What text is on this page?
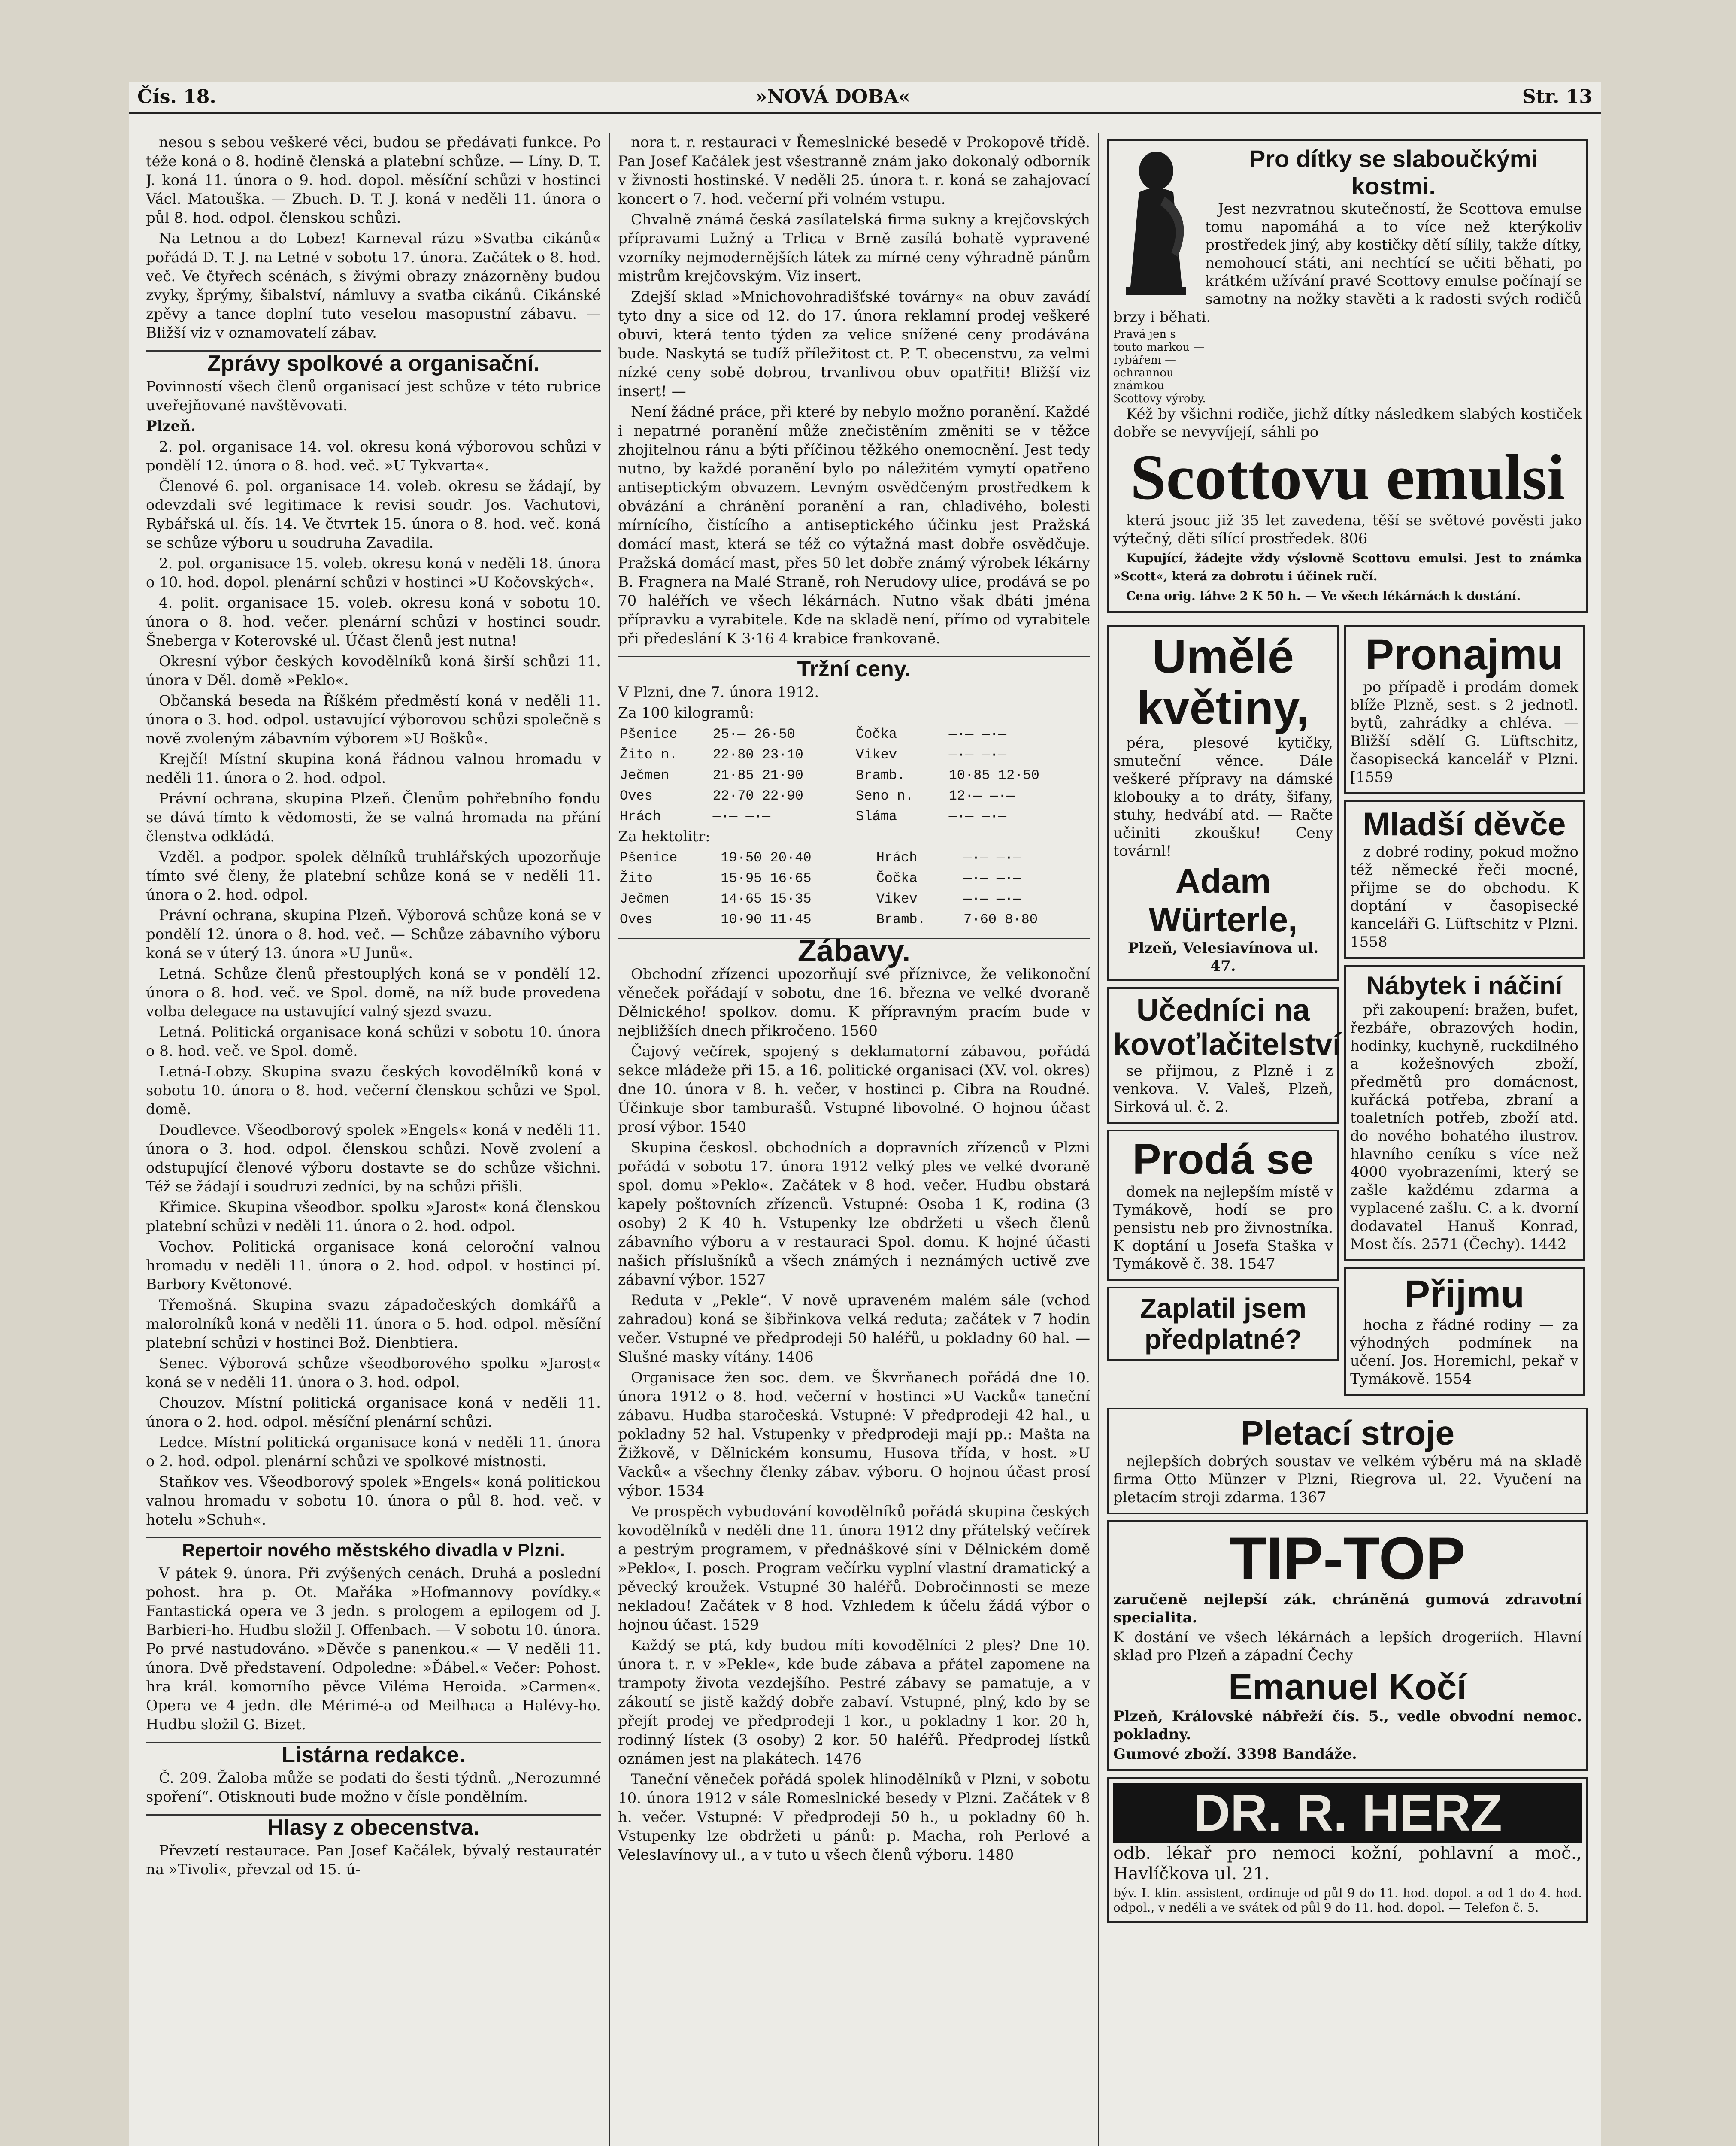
Čís. 18.	»NOVÁ DOBA«	Str. 13

nesou s sebou veškeré věci, budou se předávati funkce. Po téže koná o 8. hodině členská a platební schůze. — Líny. D. T. J. koná 11. února o 9. hod. dopol. měsíční schůzi v hostinci Václ. Matouška. — Zbuch. D. T. J. koná v neděli 11. února o půl 8. hod. odpol. členskou schůzi.

Na Letnou a do Lobez! Karneval rázu »Svatba cikánů« pořádá D. T. J. na Letné v sobotu 17. února. Začátek o 8. hod. več. Ve čtyřech scénách, s živými obrazy znázorněny budou zvyky, šprýmy, šibalství, námluvy a svatba cikánů. Cikánské zpěvy a tance doplní tuto veselou masopustní zábavu. — Bližší viz v oznamovatelí zábav.

Zprávy spolkové a organisační.

Povinností všech členů organisací jest schůze v této rubrice uveřejňované navštěvovati.

Plzeň.

2. pol. organisace 14. vol. okresu koná výborovou schůzi v pondělí 12. února o 8. hod. več. »U Tykvarta«.

Členové 6. pol. organisace 14. voleb. okresu se žádají, by odevzdali své legitimace k revisi soudr. Jos. Vachutovi, Rybářská ul. čís. 14. Ve čtvrtek 15. února o 8. hod. več. koná se schůze výboru u soudruha Zavadila.

2. pol. organisace 15. voleb. okresu koná v neděli 18. února o 10. hod. dopol. plenární schůzi v hostinci »U Kočovských«.

4. polit. organisace 15. voleb. okresu koná v sobotu 10. února o 8. hod. večer. plenární schůzi v hostinci soudr. Šneberga v Koterovské ul. Účast členů jest nutna!

Okresní výbor českých kovodělníků koná širší schůzi 11. února v Děl. domě »Peklo«.

Občanská beseda na Říškém předměstí koná v neděli 11. února o 3. hod. odpol. ustavující výborovou schůzi společně s nově zvoleným zábavním výborem »U Bošků«.

Krejčí! Místní skupina koná řádnou valnou hromadu v neděli 11. února o 2. hod. odpol.

Právní ochrana, skupina Plzeň. Členům pohřebního fondu se dává tímto k vědomosti, že se valná hromada na přání členstva odkládá.

Vzděl. a podpor. spolek dělníků truhlářských upozorňuje tímto své členy, že platební schůze koná se v neděli 11. února o 2. hod. odpol.

Právní ochrana, skupina Plzeň. Výborová schůze koná se v pondělí 12. února o 8. hod. več. — Schůze zábavního výboru koná se v úterý 13. února »U Junů«.

Letná. Schůze členů přestouplých koná se v pondělí 12. února o 8. hod. več. ve Spol. domě, na níž bude provedena volba delegace na ustavující valný sjezd svazu.

Letná. Politická organisace koná schůzi v sobotu 10. února o 8. hod. več. ve Spol. domě.

Letná-Lobzy. Skupina svazu českých kovodělníků koná v sobotu 10. února o 8. hod. večerní členskou schůzi ve Spol. domě.

Doudlevce. Všeodborový spolek »Engels« koná v neděli 11. února o 3. hod. odpol. členskou schůzi. Nově zvolení a odstupující členové výboru dostavte se do schůze všichni. Též se žádají i soudruzi zedníci, by na schůzi přišli.

Křimice. Skupina všeodbor. spolku »Jarost« koná členskou platební schůzi v neděli 11. února o 2. hod. odpol.

Vochov. Politická organisace koná celoroční valnou hromadu v neděli 11. února o 2. hod. odpol. v hostinci pí. Barbory Květonové.

Třemošná. Skupina svazu západočeských domkářů a malorolníků koná v neděli 11. února o 5. hod. odpol. měsíční platební schůzi v hostinci Bož. Dienbtiera.

Senec. Výborová schůze všeodborového spolku »Jarost« koná se v neděli 11. února o 3. hod. odpol.

Chouzov. Místní politická organisace koná v neděli 11. února o 2. hod. odpol. měsíční plenární schůzi.

Ledce. Místní politická organisace koná v neděli 11. února o 2. hod. odpol. plenární schůzi ve spolkové místnosti.

Staňkov ves. Všeodborový spolek »Engels« koná politickou valnou hromadu v sobotu 10. února o půl 8. hod. več. v hotelu »Schuh«.

Repertoir nového městského divadla v Plzni.

V pátek 9. února. Při zvýšených cenách. Druhá a poslední pohost. hra p. Ot. Mařáka »Hofmannovy povídky.« Fantastická opera ve 3 jedn. s prologem a epilogem od J. Barbieri-ho. Hudbu složil J. Offenbach. — V sobotu 10. února. Po prvé nastudováno. »Děvče s panenkou.« — V neděli 11. února. Dvě představení. Odpoledne: »Ďábel.« Večer: Pohost. hra král. komorního pěvce Viléma Heroida. »Carmen«. Opera ve 4 jedn. dle Mérimé-a od Meilhaca a Halévy-ho. Hudbu složil G. Bizet.

Listárna redakce.

Č. 209. Žaloba může se podati do šesti týdnů. „Nerozumné spoření“. Otisknouti bude možno v čísle pondělním.

Hlasy z obecenstva.

Převzetí restaurace. Pan Josef Kačálek, bývalý restauratér na »Tivoli«, převzal od 15. ú-

nora t. r. restauraci v Řemeslnické besedě v Prokopově třídě. Pan Josef Kačálek jest všestranně znám jako dokonalý odborník v živnosti hostinské. V neděli 25. února t. r. koná se zahajovací koncert o 7. hod. večerní při volném vstupu.

Chvalně známá česká zasílatelská firma sukny a krejčovských přípravami Lužný a Trlica v Brně zasílá bohatě vypravené vzorníky nejmodernějších látek za mírné ceny výhradně pánům mistrům krejčovským. Viz insert.

Zdejší sklad »Mnichovohradišťské továrny« na obuv zavádí tyto dny a sice od 12. do 17. února reklamní prodej veškeré obuvi, která tento týden za velice snížené ceny prodávána bude. Naskytá se tudíž příležitost ct. P. T. obecenstvu, za velmi nízké ceny sobě dobrou, trvanlivou obuv opatřiti! Bližší viz insert! —

Není žádné práce, při které by nebylo možno poranění. Každé i nepatrné poranění může znečistěním změniti se v těžce zhojitelnou ránu a býti příčinou těžkého onemocnění. Jest tedy nutno, by každé poranění bylo po náležitém vymytí opatřeno antiseptickým obvazem. Levným osvědčeným prostředkem k obvázání a chránění poranění a ran, chladivého, bolesti mírnícího, čistícího a antiseptického účinku jest Pražská domácí mast, která se též co výtažná mast dobře osvědčuje. Pražská domácí mast, přes 50 let dobře známý výrobek lékárny B. Fragnera na Malé Straně, roh Nerudovy ulice, prodává se po 70 haléřích ve všech lékárnách. Nutno však dbáti jména přípravku a vyrabitele. Kde na skladě není, přímo od vyrabitele při předeslání K 3·16 4 krabice frankovaně.

Tržní ceny.

V Plzni, dne 7. února 1912.

Za 100 kilogramů:

Pšenice	25·— 26·50	Čočka	—·— —·—
Žito n.	22·80 23·10	Vikev	—·— —·—
Ječmen	21·85 21·90	Bramb.	10·85 12·50
Oves	22·70 22·90	Seno n.	12·— —·—
Hrách	—·— —·—	Sláma	—·— —·—

Za hektolitr:

Pšenice	19·50 20·40	Hrách	—·— —·—
Žito	15·95 16·65	Čočka	—·— —·—
Ječmen	14·65 15·35	Vikev	—·— —·—
Oves	10·90 11·45	Bramb.	7·60 8·80
Zábavy.

Obchodní zřízenci upozorňují své příznivce, že velikonoční věneček pořádají v sobotu, dne 16. března ve velké dvoraně Dělnického! spolkov. domu. K přípravným pracím bude v nejbližších dnech přikročeno. 1560

Čajový večírek, spojený s deklamatorní zábavou, pořádá sekce mládeže při 15. a 16. politické organisaci (XV. vol. okres) dne 10. února v 8. h. večer, v hostinci p. Cibra na Roudné. Účinkuje sbor tamburašů. Vstupné libovolné. O hojnou účast prosí výbor. 1540

Skupina českosl. obchodních a dopravních zřízenců v Plzni pořádá v sobotu 17. února 1912 velký ples ve velké dvoraně spol. domu »Peklo«. Začátek v 8 hod. večer. Hudbu obstará kapely poštovních zřízenců. Vstupné: Osoba 1 K, rodina (3 osoby) 2 K 40 h. Vstupenky lze obdržeti u všech členů zábavního výboru a v restauraci Spol. domu. K hojné účasti našich příslušníků a všech známých i neznámých uctivě zve zábavní výbor. 1527

Reduta v „Pekle“. V nově upraveném malém sále (vchod zahradou) koná se šibřinkova velká reduta; začátek v 7 hodin večer. Vstupné ve předprodeji 50 haléřů, u pokladny 60 hal. — Slušné masky vítány. 1406

Organisace žen soc. dem. ve Škvrňanech pořádá dne 10. února 1912 o 8. hod. večerní v hostinci »U Vacků« taneční zábavu. Hudba staročeská. Vstupné: V předprodeji 42 hal., u pokladny 52 hal. Vstupenky v předprodeji mají pp.: Mašta na Žižkově, v Dělnickém konsumu, Husova třída, v host. »U Vacků« a všechny členky zábav. výboru. O hojnou účast prosí výbor. 1534

Ve prospěch vybudování kovodělníků pořádá skupina českých kovodělníků v neděli dne 11. února 1912 dny přátelský večírek a pestrým programem, v přednáškové síni v Dělnickém domě »Peklo«, I. posch. Program večírku vyplní vlastní dramatický a pěvecký kroužek. Vstupné 30 haléřů. Dobročinnosti se meze nekladou! Začátek v 8 hod. Vzhledem k účelu žádá výbor o hojnou účast. 1529

Každý se ptá, kdy budou míti kovodělníci 2 ples? Dne 10. února t. r. v »Pekle«, kde bude zábava a přátel zapomene na trampoty života vezdejšího. Pestré zábavy se pamatuje, a v zákoutí se jistě každý dobře zabaví. Vstupné, plný, kdo by se přejít prodej ve předprodeji 1 kor., u pokladny 1 kor. 20 h, rodinný lístek (3 osoby) 2 kor. 50 haléřů. Předprodej lístků oznámen jest na plakátech. 1476

Taneční věneček pořádá spolek hlinodělníků v Plzni, v sobotu 10. února 1912 v sále Romeslnické besedy v Plzni. Začátek v 8 h. večer. Vstupné: V předprodeji 50 h., u pokladny 60 h. Vstupenky lze obdržeti u pánů: p. Macha, roh Perlové a Veleslavínovy ul., a v tuto u všech členů výboru. 1480

Pro dítky se slaboučkými kostmi.

Jest nezvratnou skutečností, že Scottova emulse tomu napomáhá a to více než kterýkoliv prostředek jiný, aby kostičky dětí sílily, takže dítky, nemohoucí státi, ani nechtící se učiti běhati, po krátkém užívání pravé Scottovy emulse počínají se samotny na nožky stavěti a k radosti svých rodičů brzy i běhati.

Pravá jen s touto markou — rybářem — ochrannou známkou Scottovy výroby.

Kéž by všichni rodiče, jichž dítky následkem slabých kostiček dobře se nevyvíjejí, sáhli po

Scottovu emulsi

která jsouc již 35 let zavedena, těší se světové pověsti jako výtečný, děti sílící prostředek. 806

Kupující, žádejte vždy výslovně Scottovu emulsi. Jest to známka »Scott«, která za dobrotu i účinek ručí.

Cena orig. láhve 2 K 50 h. — Ve všech lékárnách k dostání.

Umělé květiny,

péra, plesové kytičky, smuteční věnce. Dále veškeré přípravy na dámské klobouky a to dráty, šifany, stuhy, hedvábí atd. — Račte učiniti zkoušku! Ceny továrnl!

Adam Würterle,
Plzeň, Velesiavínova ul. 47.
Učedníci na kovoťlačitelství

se přijmou, z Plzně i z venkova. V. Valeš, Plzeň, Sirková ul. č. 2.

Prodá se

domek na nejlepším místě v Tymákově, hodí se pro pensistu neb pro živnostníka. K doptání u Josefa Staška v Tymákově č. 38. 1547

Zaplatil jsem předplatné?
Pronajmu

po případě i prodám domek blíže Plzně, sest. s 2 jednotl. bytů, zahrádky a chléva. — Bližší sdělí G. Lüftschitz, časopisecká kancelář v Plzni. [1559

Mladší děvče

z dobré rodiny, pokud možno též německé řeči mocné, přijme se do obchodu. K doptání v časopisecké kanceláři G. Lüftschitz v Plzni. 1558

Nábytek i náčiní

při zakoupení: bražen, bufet, řezbáře, obrazových hodin, hodinky, kuchyně, ruckdilného a kožešnových zboží, předmětů pro domácnost, kuřácká potřeba, zbraní a toaletních potřeb, zboží atd. do nového bohatého ilustrov. hlavního ceníku s více než 4000 vyobrazeními, který se zašle každému zdarma a vyplacené zašlu. C. a k. dvorní dodavatel Hanuš Konrad, Most čís. 2571 (Čechy). 1442

Přijmu

hocha z řádné rodiny — za výhodných podmínek na učení. Jos. Horemichl, pekař v Tymákově. 1554

Pletací stroje

nejlepších dobrých soustav ve velkém výběru má na skladě firma Otto Münzer v Plzni, Riegrova ul. 22. Vyučení na pletacím stroji zdarma. 1367

TIP-TOP

zaručeně nejlepší zák. chráněná gumová zdravotní specialita.

K dostání ve všech lékárnách a lepších drogeriích. Hlavní sklad pro Plzeň a západní Čechy

Emanuel Kočí

Plzeň, Královské nábřeží čís. 5., vedle obvodní nemoc. pokladny.

Gumové zboží. 3398 Bandáže.

DR. R. HERZ

odb. lékař pro nemoci kožní, pohlavní a moč., Havlíčkova ul. 21.

býv. I. klin. assistent, ordinuje od půl 9 do 11. hod. dopol. a od 1 do 4. hod. odpol., v neděli a ve svátek od půl 9 do 11. hod. dopol. — Telefon č. 5.
